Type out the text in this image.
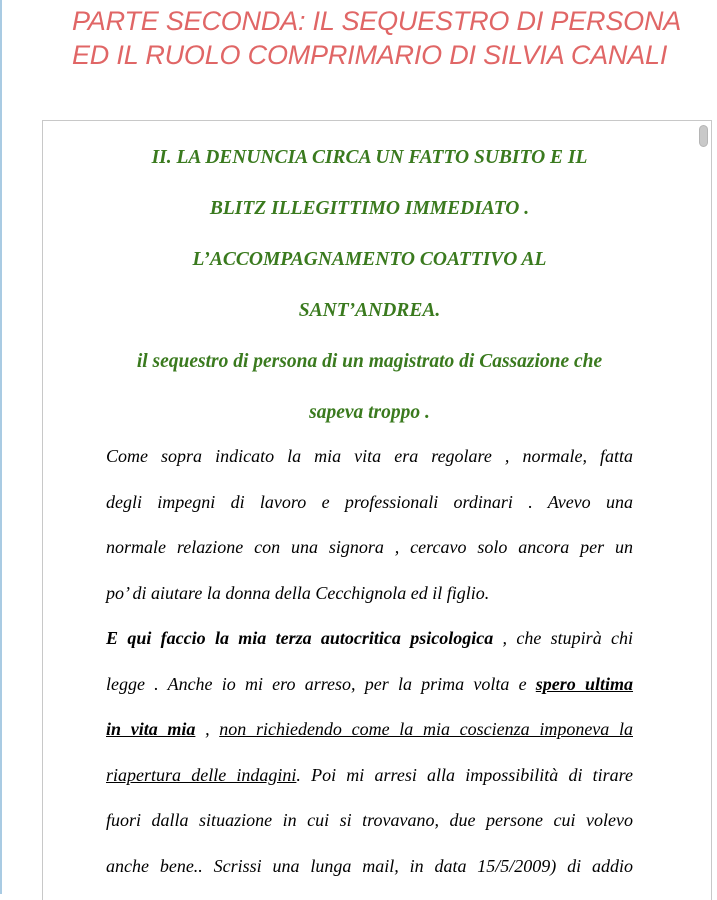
PARTE SECONDA: IL SEQUESTRO DI PERSONA
ED IL RUOLO COMPRIMARIO DI SILVIA CANALI
II. LA DENUNCIA CIRCA UN FATTO SUBITO E IL
BLITZ ILLEGITTIMO IMMEDIATO .
L’ACCOMPAGNAMENTO COATTIVO AL
SANT’ANDREA.
il sequestro di persona di un magistrato di Cassazione che
sapeva troppo .
Come sopra indicato la mia vita era regolare , normale, fatta
degli impegni di lavoro e professionali ordinari . Avevo una
normale relazione con una signora , cercavo solo ancora per un
po’ di aiutare la donna della Cecchignola ed il figlio.
E qui faccio la mia terza autocritica psicologica , che stupirà chi
legge . Anche io mi ero arreso, per la prima volta e spero ultima
in vita mia , non richiedendo come la mia coscienza imponeva la
riapertura delle indagini. Poi mi arresi alla impossibilità di tirare
fuori dalla situazione in cui si trovavano, due persone cui volevo
anche bene.. Scrissi una lunga mail, in data 15/5/2009) di addio
